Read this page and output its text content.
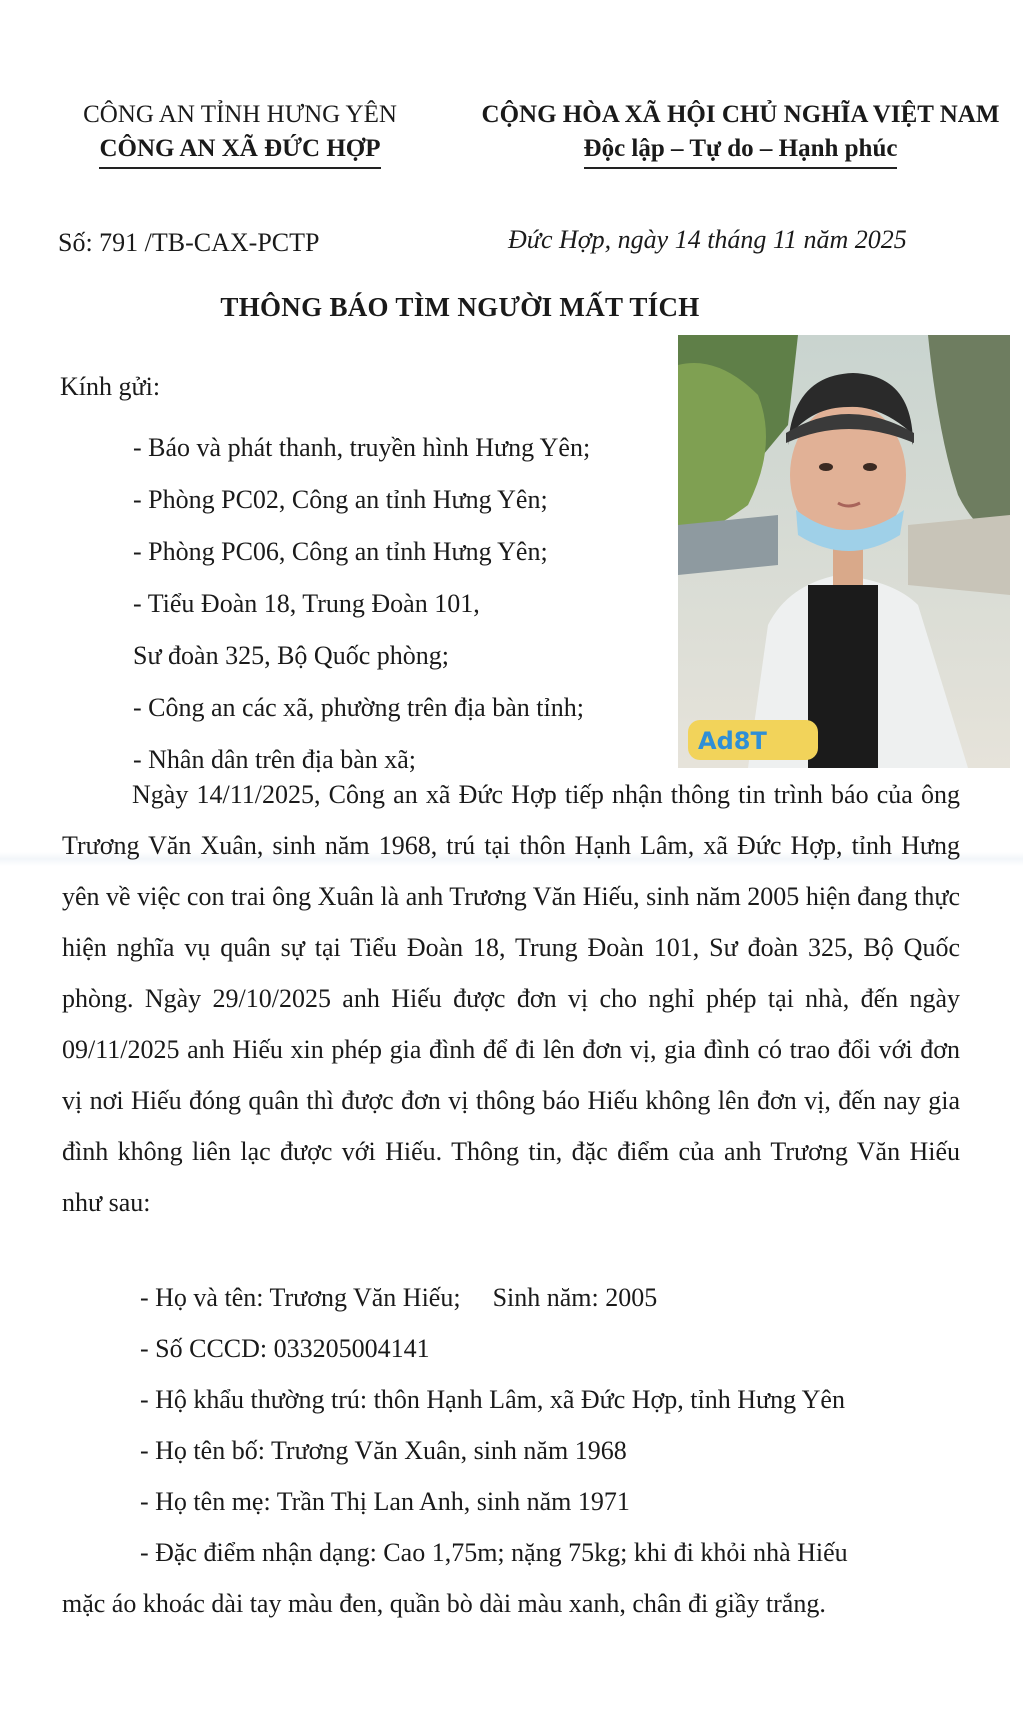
CÔNG AN TỈNH HƯNG YÊN
CÔNG AN XÃ ĐỨC HỢP
CỘNG HÒA XÃ HỘI CHỦ NGHĨA VIỆT NAM
Độc lập – Tự do – Hạnh phúc
Số: 791 /TB-CAX-PCTP	Đức Hợp, ngày 14 tháng 11 năm 2025
THÔNG BÁO TÌM NGƯỜI MẤT TÍCH
Ad8T
Kính gửi:
- Báo và phát thanh, truyền hình Hưng Yên;
- Phòng PC02, Công an tỉnh Hưng Yên;
- Phòng PC06, Công an tỉnh Hưng Yên;
- Tiểu Đoàn 18, Trung Đoàn 101,
Sư đoàn 325, Bộ Quốc phòng;
- Công an các xã, phường trên địa bàn tỉnh;
- Nhân dân trên địa bàn xã;
Ngày 14/11/2025, Công an xã Đức Hợp tiếp nhận thông tin trình báo của ông Trương Văn Xuân, sinh năm 1968, trú tại thôn Hạnh Lâm, xã Đức Hợp, tỉnh Hưng yên về việc con trai ông Xuân là anh Trương Văn Hiếu, sinh năm 2005 hiện đang thực hiện nghĩa vụ quân sự tại Tiểu Đoàn 18, Trung Đoàn 101, Sư đoàn 325, Bộ Quốc phòng. Ngày 29/10/2025 anh Hiếu được đơn vị cho nghỉ phép tại nhà, đến ngày 09/11/2025 anh Hiếu xin phép gia đình để đi lên đơn vị, gia đình có trao đổi với đơn vị nơi Hiếu đóng quân thì được đơn vị thông báo Hiếu không lên đơn vị, đến nay gia đình không liên lạc được với Hiếu. Thông tin, đặc điểm của anh Trương Văn Hiếu như sau:
- Họ và tên: Trương Văn Hiếu; Sinh năm: 2005
- Số CCCD: 033205004141
- Hộ khẩu thường trú: thôn Hạnh Lâm, xã Đức Hợp, tỉnh Hưng Yên
- Họ tên bố: Trương Văn Xuân, sinh năm 1968
- Họ tên mẹ: Trần Thị Lan Anh, sinh năm 1971
- Đặc điểm nhận dạng: Cao 1,75m; nặng 75kg; khi đi khỏi nhà Hiếu
mặc áo khoác dài tay màu đen, quần bò dài màu xanh, chân đi giầy trắng.
